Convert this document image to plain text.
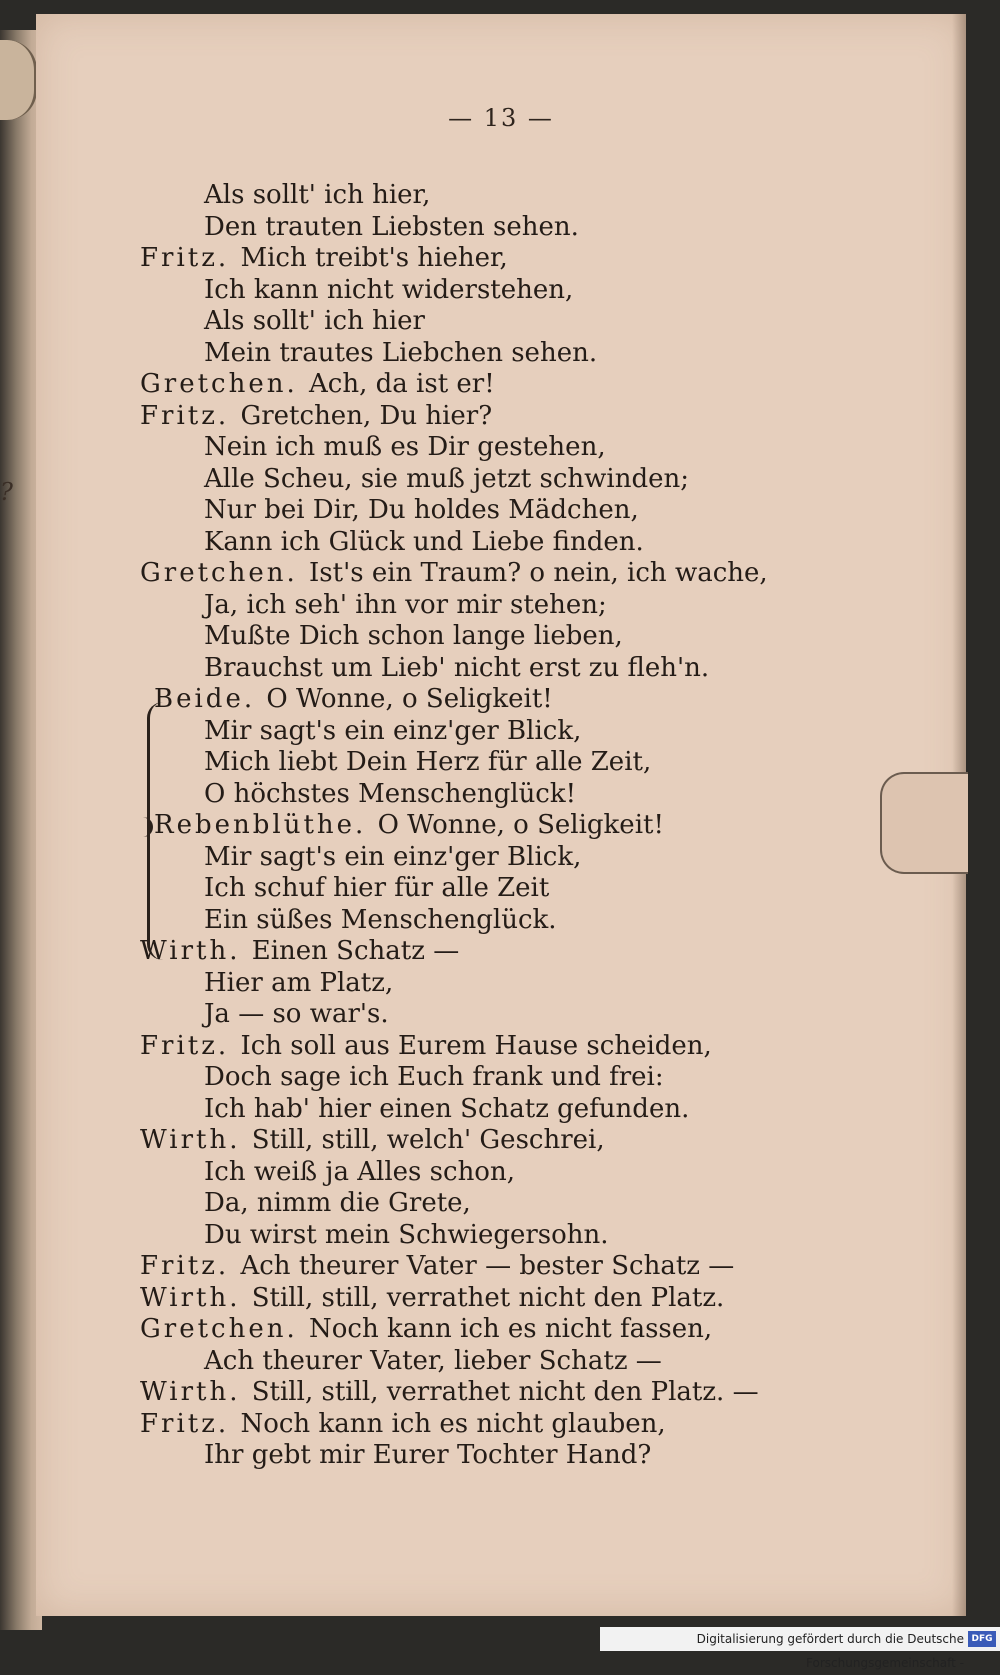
?
— 13 —
Als sollt' ich hier,
Den trauten Liebsten sehen.
Fritz. Mich treibt's hieher,
Ich kann nicht widerstehen,
Als sollt' ich hier
Mein trautes Liebchen sehen.
Gretchen. Ach, da ist er!
Fritz. Gretchen, Du hier?
Nein ich muß es Dir gestehen,
Alle Scheu, sie muß jetzt schwinden;
Nur bei Dir, Du holdes Mädchen,
Kann ich Glück und Liebe finden.
Gretchen. Ist's ein Traum? o nein, ich wache,
Ja, ich seh' ihn vor mir stehen;
Mußte Dich schon lange lieben,
Brauchst um Lieb' nicht erst zu fleh'n.
Beide. O Wonne, o Seligkeit!
Mir sagt's ein einz'ger Blick,
Mich liebt Dein Herz für alle Zeit,
O höchstes Menschenglück!
Rebenblüthe. O Wonne, o Seligkeit!
Mir sagt's ein einz'ger Blick,
Ich schuf hier für alle Zeit
Ein süßes Menschenglück.
Wirth. Einen Schatz —
Hier am Platz,
Ja — so war's.
Fritz. Ich soll aus Eurem Hause scheiden,
Doch sage ich Euch frank und frei:
Ich hab' hier einen Schatz gefunden.
Wirth. Still, still, welch' Geschrei,
Ich weiß ja Alles schon,
Da, nimm die Grete,
Du wirst mein Schwiegersohn.
Fritz. Ach theurer Vater — bester Schatz —
Wirth. Still, still, verrathet nicht den Platz.
Gretchen. Noch kann ich es nicht fassen,
Ach theurer Vater, lieber Schatz —
Wirth. Still, still, verrathet nicht den Platz. —
Fritz. Noch kann ich es nicht glauben,
Ihr gebt mir Eurer Tochter Hand?
Digitalisierung gefördert durch die Deutsche Forschungsgemeinschaft -
DFG
